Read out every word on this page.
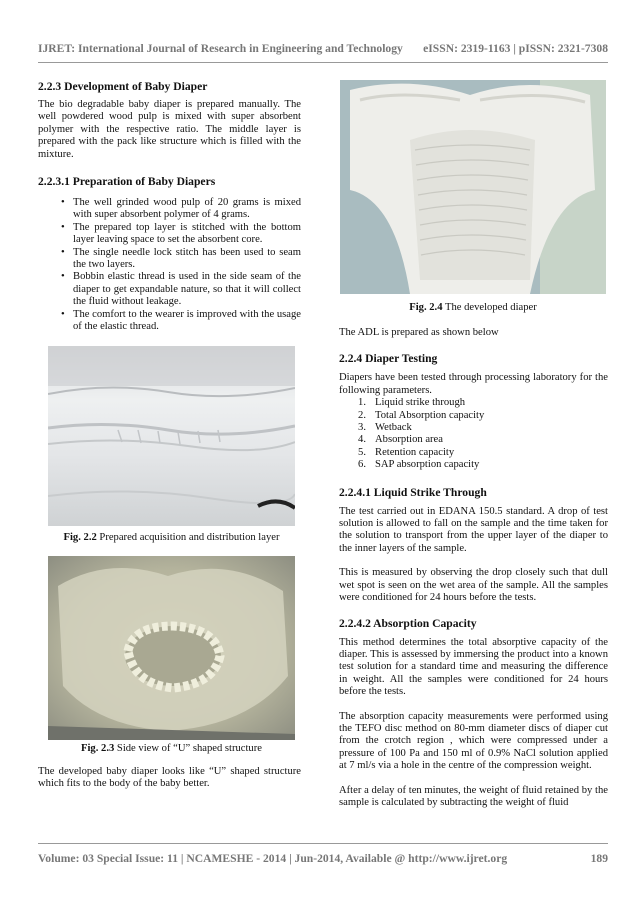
IJRET: International Journal of Research in Engineering and Technology eISSN: 2319-1163 | pISSN: 2321-7308
2.2.3 Development of Baby Diaper

The bio degradable baby diaper is prepared manually. The well powdered wood pulp is mixed with super absorbent polymer with the respective ratio. The middle layer is prepared with the pack like structure which is filled with the mixture.

2.2.3.1 Preparation of Baby Diapers
• The well grinded wood pulp of 20 grams is mixed with super absorbent polymer of 4 grams.
• The prepared top layer is stitched with the bottom layer leaving space to set the absorbent core.
• The single needle lock stitch has been used to seam the two layers.
• Bobbin elastic thread is used in the side seam of the diaper to get expandable nature, so that it will collect the fluid without leakage.
• The comfort to the wearer is improved with the usage of the elastic thread.
Fig. 2.2 Prepared acquisition and distribution layer
Fig. 2.3 Side view of “U” shaped structure

The developed baby diaper looks like “U” shaped structure which fits to the body of the baby better.

Fig. 2.4 The developed diaper

The ADL is prepared as shown below

2.2.4 Diaper Testing

Diapers have been tested through processing laboratory for the following parameters.

1. Liquid strike through
2. Total Absorption capacity
3. Wetback
4. Absorption area
5. Retention capacity
6. SAP absorption capacity
2.2.4.1 Liquid Strike Through

The test carried out in EDANA 150.5 standard. A drop of test solution is allowed to fall on the sample and the time taken for the solution to transport from the upper layer of the diaper to the inner layers of the sample.

This is measured by observing the drop closely such that dull wet spot is seen on the wet area of the sample. All the samples were conditioned for 24 hours before the tests.

2.2.4.2 Absorption Capacity

This method determines the total absorptive capacity of the diaper. This is assessed by immersing the product into a known test solution for a standard time and measuring the difference in weight. All the samples were conditioned for 24 hours before the tests.

The absorption capacity measurements were performed using the TEFO disc method on 80-mm diameter discs of diaper cut from the crotch region , which were compressed under a pressure of 100 Pa and 150 ml of 0.9% NaCl solution applied at 7 ml/s via a hole in the centre of the compression weight.

After a delay of ten minutes, the weight of fluid retained by the sample is calculated by subtracting the weight of fluid

Volume: 03 Special Issue: 11 | NCAMESHE - 2014 | Jun-2014, Available @ http://www.ijret.org	189
